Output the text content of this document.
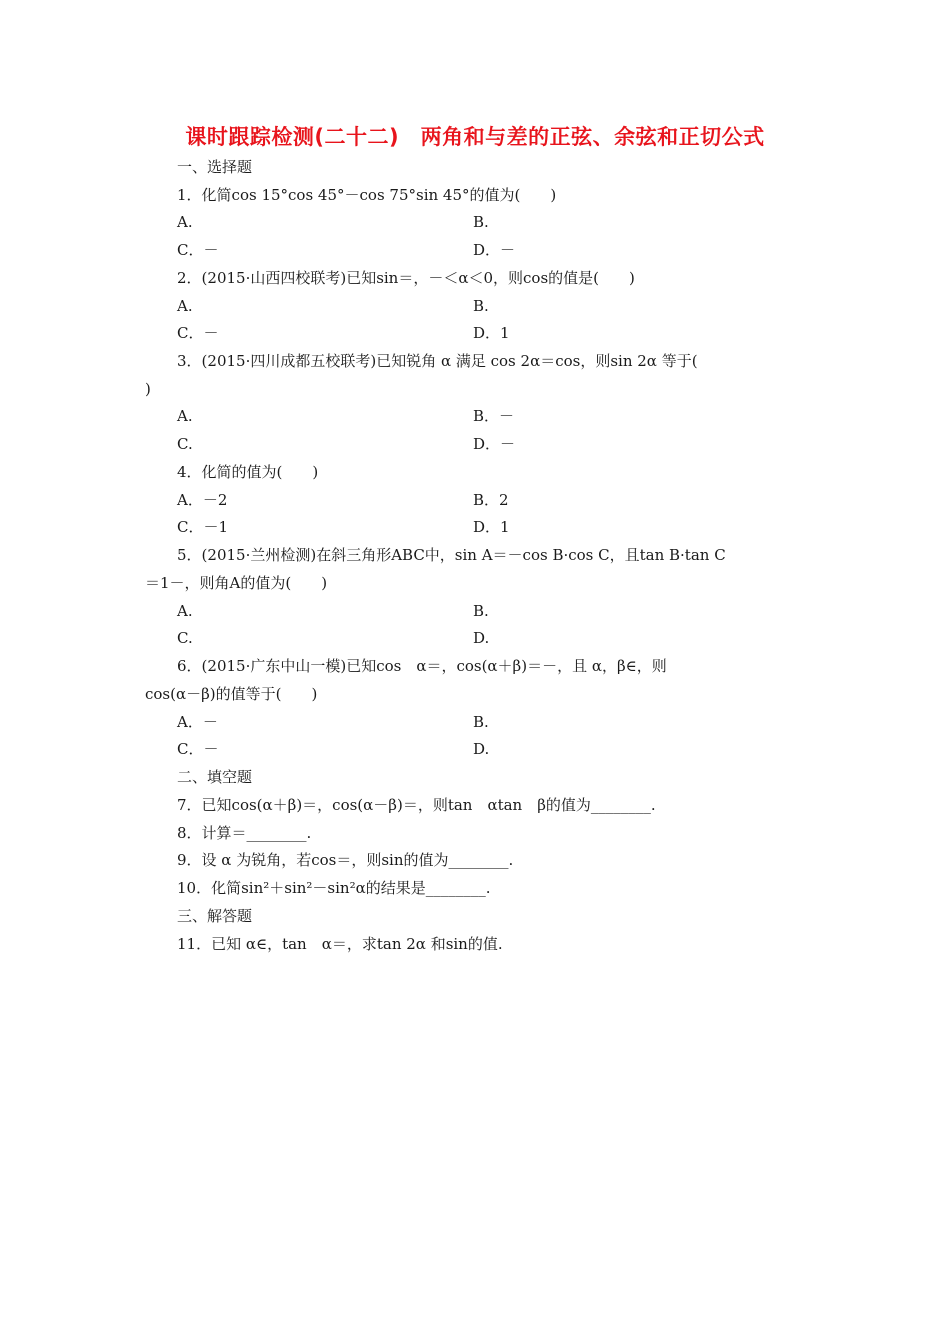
课时跟踪检测(二十二)　两角和与差的正弦、余弦和正切公式
一、选择题
1．化简cos 15°cos 45°－cos 75°sin 45°的值为(　　)
A.	B.
C．－	D．－
2．(2015·山西四校联考)已知sin＝，－＜α＜0，则cos的值是(　　)
A.	B.
C．－	D．1
3．(2015·四川成都五校联考)已知锐角 α 满足 cos 2α＝cos，则sin 2α 等于(
)
A.	B．－
C.	D．－
4．化简的值为(　　)
A．－2	B．2
C．－1	D．1
5．(2015·兰州检测)在斜三角形ABC中，sin A＝－cos B·cos C，且tan B·tan C
＝1－，则角A的值为(　　)
A.	B.
C.	D.
6．(2015·广东中山一模)已知cos　α＝，cos(α＋β)＝－，且 α，β∈，则
cos(α－β)的值等于(　　)
A．－	B.
C．－	D.
二、填空题
7．已知cos(α＋β)＝，cos(α－β)＝，则tan　αtan　β的值为________.
8．计算＝________.
9．设 α 为锐角，若cos＝，则sin的值为________.
10．化简sin²＋sin²－sin²α的结果是________.
三、解答题
11．已知 α∈，tan　α＝，求tan 2α 和sin的值.
